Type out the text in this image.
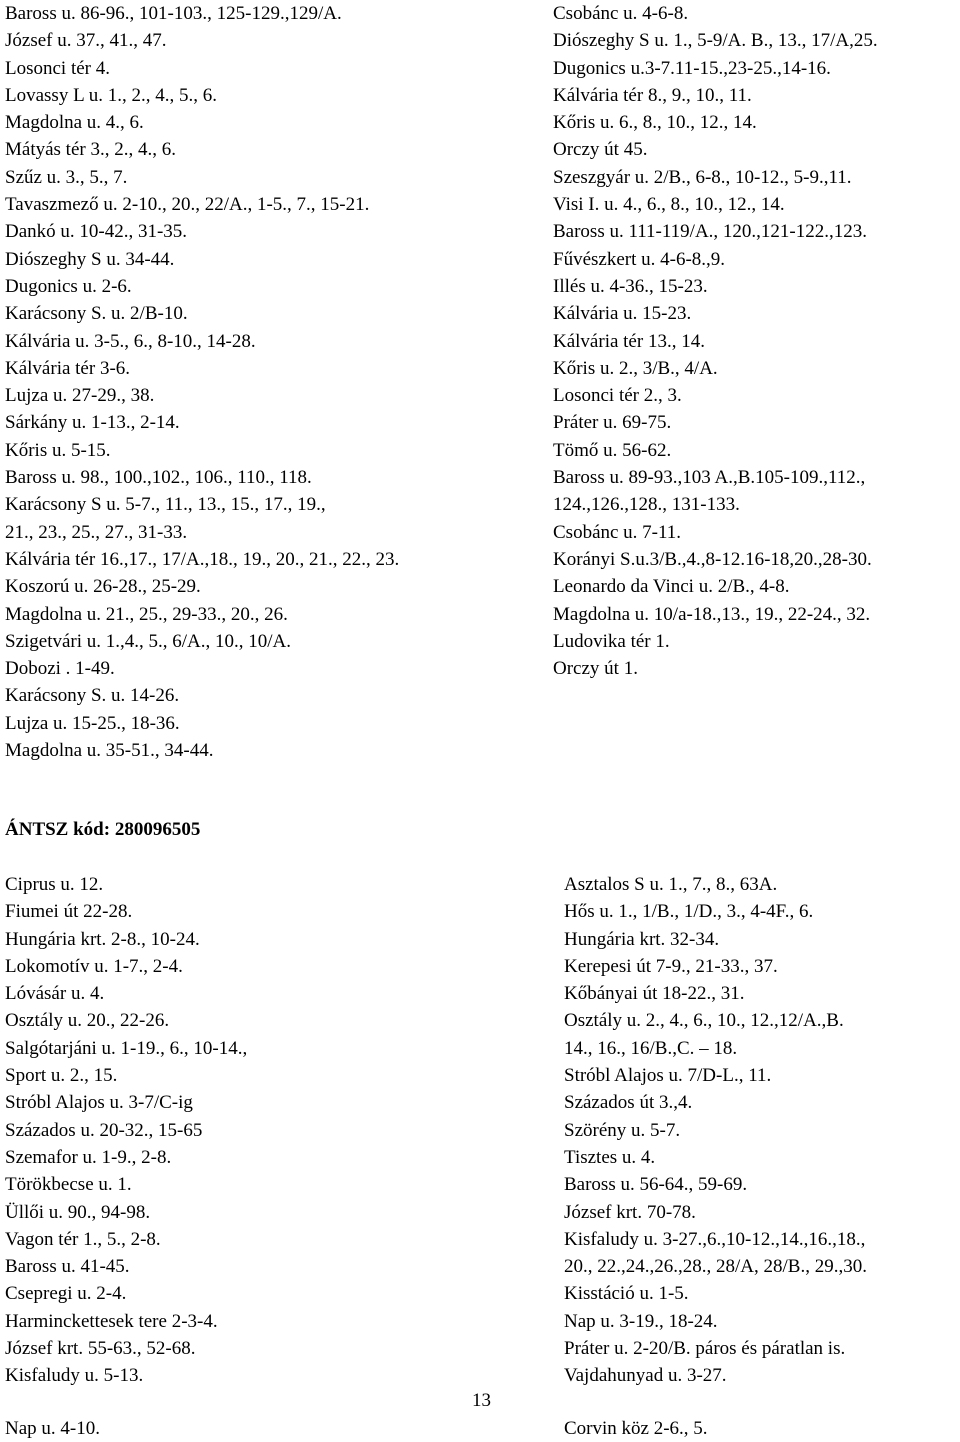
Baross u. 86-96., 101-103., 125-129.,129/A.
József u. 37., 41., 47.
Losonci tér 4.
Lovassy L u. 1., 2., 4., 5., 6.
Magdolna u. 4., 6.
Mátyás tér 3., 2., 4., 6.
Szűz u. 3., 5., 7.
Tavaszmező u. 2-10., 20., 22/A., 1-5., 7., 15-21.
Dankó u. 10-42., 31-35.
Diószeghy S u. 34-44.
Dugonics u. 2-6.
Karácsony S. u. 2/B-10.
Kálvária u. 3-5., 6., 8-10., 14-28.
Kálvária tér 3-6.
Lujza u. 27-29., 38.
Sárkány u. 1-13., 2-14.
Kőris u. 5-15.
Baross u. 98., 100.,102., 106., 110., 118.
Karácsony S u. 5-7., 11., 13., 15., 17., 19.,
21., 23., 25., 27., 31-33.
Kálvária tér 16.,17., 17/A.,18., 19., 20., 21., 22., 23.
Koszorú u. 26-28., 25-29.
Magdolna u. 21., 25., 29-33., 20., 26.
Szigetvári u. 1.,4., 5., 6/A., 10., 10/A.
Dobozi . 1-49.
Karácsony S. u. 14-26.
Lujza u. 15-25., 18-36.
Magdolna u. 35-51., 34-44.
Csobánc u. 4-6-8.
Diószeghy S u. 1., 5-9/A. B., 13., 17/A,25.
Dugonics u.3-7.11-15.,23-25.,14-16.
Kálvária tér 8., 9., 10., 11.
Kőris u. 6., 8., 10., 12., 14.
Orczy út 45.
Szeszgyár u. 2/B., 6-8., 10-12., 5-9.,11.
Visi I. u. 4., 6., 8., 10., 12., 14.
Baross u. 111-119/A., 120.,121-122.,123.
Fűvészkert u. 4-6-8.,9.
Illés u. 4-36., 15-23.
Kálvária u. 15-23.
Kálvária tér 13., 14.
Kőris u. 2., 3/B., 4/A.
Losonci tér 2., 3.
Práter u. 69-75.
Tömő u. 56-62.
Baross u. 89-93.,103 A.,B.105-109.,112.,
124.,126.,128., 131-133.
Csobánc u. 7-11.
Korányi S.u.3/B.,4.,8-12.16-18,20.,28-30.
Leonardo da Vinci u. 2/B., 4-8.
Magdolna u. 10/a-18.,13., 19., 22-24., 32.
Ludovika tér 1.
Orczy út 1.
ÁNTSZ kód: 280096505
Ciprus u. 12.
Fiumei út 22-28.
Hungária krt. 2-8., 10-24.
Lokomotív u. 1-7., 2-4.
Lóvásár u. 4.
Osztály u. 20., 22-26.
Salgótarjáni u. 1-19., 6., 10-14.,
Sport u. 2., 15.
Stróbl Alajos u. 3-7/C-ig
Százados u. 20-32., 15-65
Szemafor u. 1-9., 2-8.
Törökbecse u. 1.
Üllői u. 90., 94-98.
Vagon tér 1., 5., 2-8.
Baross u. 41-45.
Csepregi u. 2-4.
Harminckettesek tere 2-3-4.
József krt. 55-63., 52-68.
Kisfaludy u. 5-13.
Asztalos S u. 1., 7., 8., 63A.
Hős u. 1., 1/B., 1/D., 3., 4-4F., 6.
Hungária krt. 32-34.
Kerepesi út 7-9., 21-33., 37.
Kőbányai út 18-22., 31.
Osztály u. 2., 4., 6., 10., 12.,12/A.,B.
14., 16., 16/B.,C. – 18.
Stróbl Alajos u. 7/D-L., 11.
Százados út 3.,4.
Szörény u. 5-7.
Tisztes u. 4.
Baross u. 56-64., 59-69.
József krt. 70-78.
Kisfaludy u. 3-27.,6.,10-12.,14.,16.,18.,
20., 22.,24.,26.,28., 28/A, 28/B., 29.,30.
Kisstáció u. 1-5.
Nap u. 3-19., 18-24.
Práter u. 2-20/B. páros és páratlan is.
Vajdahunyad u. 3-27.
13
Nap u. 4-10.	Corvin köz 2-6., 5.
